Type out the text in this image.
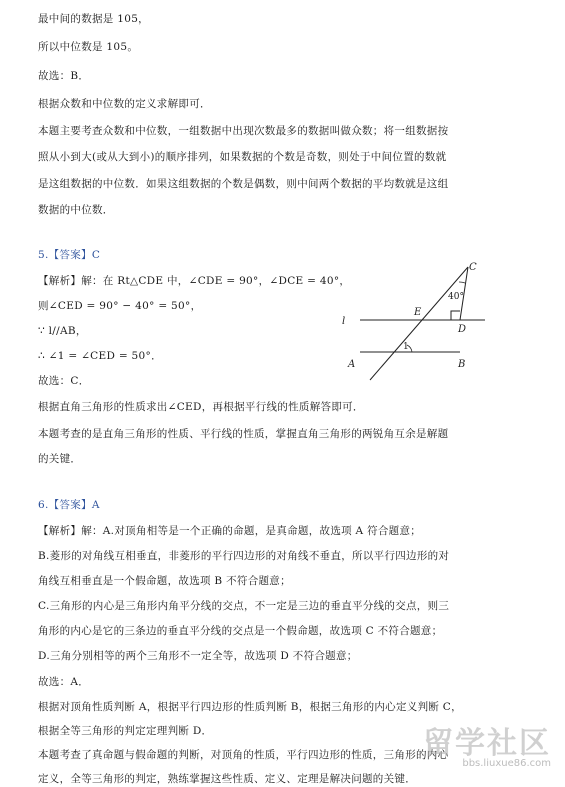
最中间的数据是 105，
所以中位数是 105。
故选：B．
根据众数和中位数的定义求解即可．
本题主要考查众数和中位数，一组数据中出现次数最多的数据叫做众数；将一组数据按
照从小到大(或从大到小)的顺序排列，如果数据的个数是奇数，则处于中间位置的数就
是这组数据的中位数．如果这组数据的个数是偶数，则中间两个数据的平均数就是这组
数据的中位数．
5.【答案】C
【解析】解：在 Rt△CDE 中，∠CDE = 90°，∠DCE = 40°，
则∠CED = 90° − 40° = 50°，
∵ l//AB，
∴ ∠1 = ∠CED = 50°．
故选：C．
根据直角三角形的性质求出∠CED，再根据平行线的性质解答即可．
本题考查的是直角三角形的性质、平行线的性质，掌握直角三角形的两锐角互余是解题
的关键．
C
40°
l
E
D
1
A	B
6.【答案】A
【解析】解：A.对顶角相等是一个正确的命题，是真命题，故选项 A 符合题意；
B.菱形的对角线互相垂直，非菱形的平行四边形的对角线不垂直，所以平行四边形的对
角线互相垂直是一个假命题，故选项 B 不符合题意；
C.三角形的内心是三角形内角平分线的交点，不一定是三边的垂直平分线的交点，则三
角形的内心是它的三条边的垂直平分线的交点是一个假命题，故选项 C 不符合题意；
D.三角分别相等的两个三角形不一定全等，故选项 D 不符合题意；
故选：A．
根据对顶角性质判断 A，根据平行四边形的性质判断 B，根据三角形的内心定义判断 C，
根据全等三角形的判定定理判断 D．
本题考查了真命题与假命题的判断，对顶角的性质，平行四边形的性质，三角形的内心
定义，全等三角形的判定，熟练掌握这些性质、定义、定理是解决问题的关键．
留学社区
bbs.liuxue86.com
